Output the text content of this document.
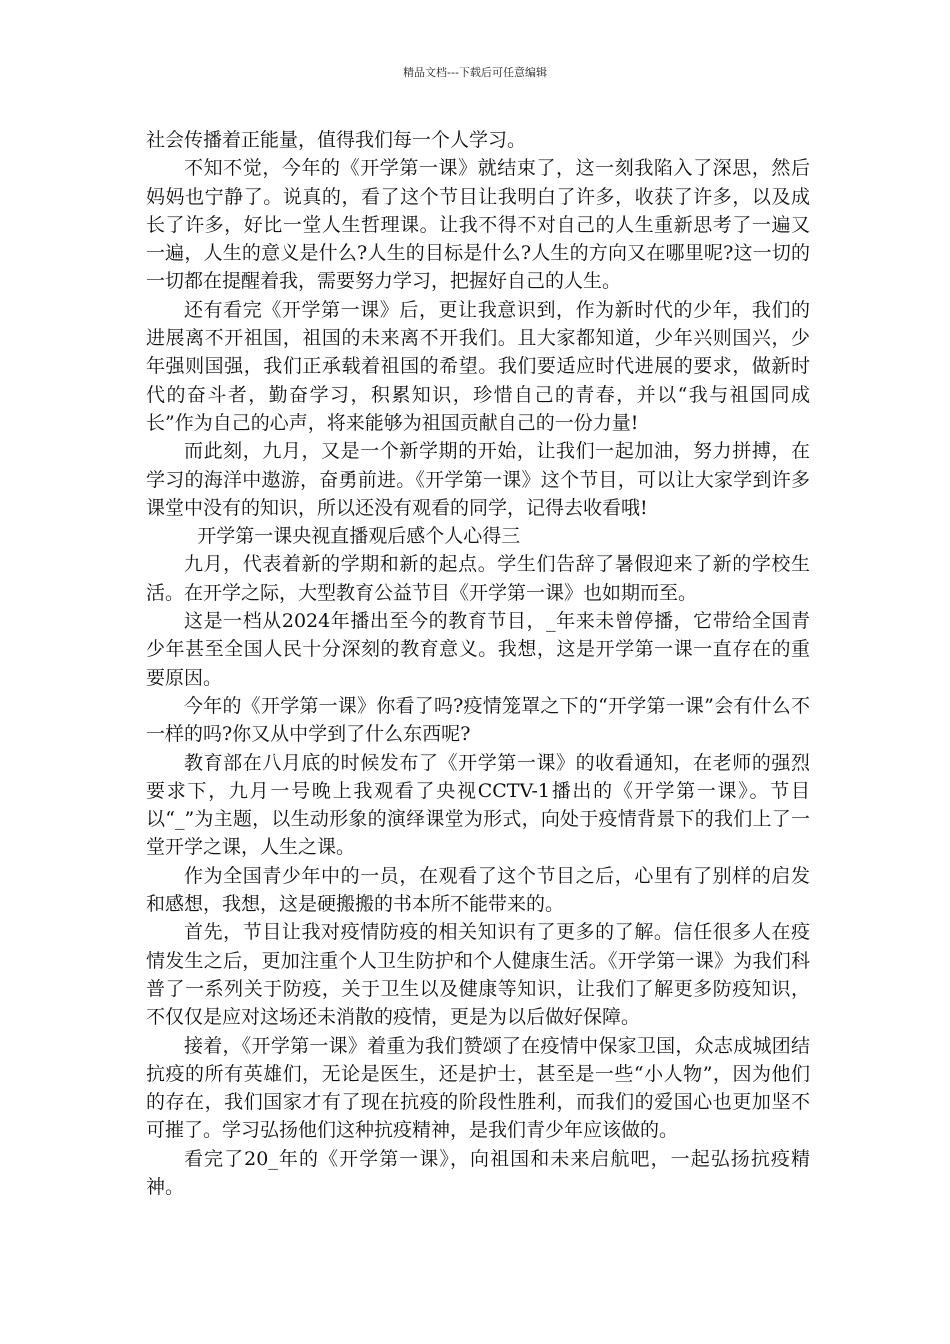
精品文档---下载后可任意编辑

社会传播着正能量，值得我们每一个人学习。

不知不觉，今年的《开学第一课》就结束了，这一刻我陷入了深思，然后妈妈也宁静了。说真的，看了这个节目让我明白了许多，收获了许多，以及成长了许多，好比一堂人生哲理课。让我不得不对自己的人生重新思考了一遍又一遍，人生的意义是什么?人生的目标是什么?人生的方向又在哪里呢?这一切的一切都在提醒着我，需要努力学习，把握好自己的人生。

还有看完《开学第一课》后，更让我意识到，作为新时代的少年，我们的进展离不开祖国，祖国的未来离不开我们。且大家都知道，少年兴则国兴，少年强则国强，我们正承载着祖国的希望。我们要适应时代进展的要求，做新时代的奋斗者，勤奋学习，积累知识，珍惜自己的青春，并以“我与祖国同成长”作为自己的心声，将来能够为祖国贡献自己的一份力量!

而此刻，九月，又是一个新学期的开始，让我们一起加油，努力拼搏，在学习的海洋中遨游，奋勇前进。《开学第一课》这个节目，可以让大家学到许多课堂中没有的知识，所以还没有观看的同学，记得去收看哦!

开学第一课央视直播观后感个人心得三

九月，代表着新的学期和新的起点。学生们告辞了暑假迎来了新的学校生活。在开学之际，大型教育公益节目《开学第一课》也如期而至。

这是一档从2024年播出至今的教育节目，_年来未曾停播，它带给全国青少年甚至全国人民十分深刻的教育意义。我想，这是开学第一课一直存在的重要原因。

今年的《开学第一课》你看了吗?疫情笼罩之下的“开学第一课”会有什么不一样的吗?你又从中学到了什么东西呢?

教育部在八月底的时候发布了《开学第一课》的收看通知，在老师的强烈要求下，九月一号晚上我观看了央视CCTV-1播出的《开学第一课》。节目以“_”为主题，以生动形象的演绎课堂为形式，向处于疫情背景下的我们上了一堂开学之课，人生之课。

作为全国青少年中的一员，在观看了这个节目之后，心里有了别样的启发和感想，我想，这是硬搬搬的书本所不能带来的。

首先，节目让我对疫情防疫的相关知识有了更多的了解。信任很多人在疫情发生之后，更加注重个人卫生防护和个人健康生活。《开学第一课》为我们科普了一系列关于防疫，关于卫生以及健康等知识，让我们了解更多防疫知识，不仅仅是应对这场还未消散的疫情，更是为以后做好保障。

接着，《开学第一课》着重为我们赞颂了在疫情中保家卫国，众志成城团结抗疫的所有英雄们，无论是医生，还是护士，甚至是一些“小人物”，因为他们的存在，我们国家才有了现在抗疫的阶段性胜利，而我们的爱国心也更加坚不可摧了。学习弘扬他们这种抗疫精神，是我们青少年应该做的。

看完了20_年的《开学第一课》，向祖国和未来启航吧，一起弘扬抗疫精神。
